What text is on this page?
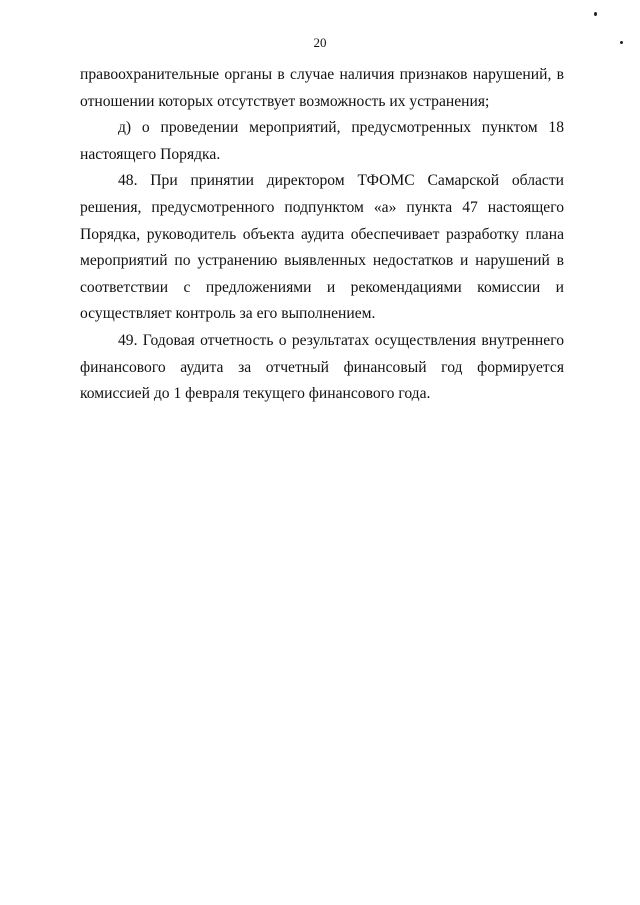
20

правоохранительные органы в случае наличия признаков нарушений, в отношении которых отсутствует возможность их устранения;

д) о проведении мероприятий, предусмотренных пунктом 18 настоящего Порядка.

48. При принятии директором ТФОМС Самарской области решения, предусмотренного подпунктом «а» пункта 47 настоящего Порядка, руководитель объекта аудита обеспечивает разработку плана мероприятий по устранению выявленных недостатков и нарушений в соответствии с предложениями и рекомендациями комиссии и осуществляет контроль за его выполнением.

49. Годовая отчетность о результатах осуществления внутреннего финансового аудита за отчетный финансовый год формируется комиссией до 1 февраля текущего финансового года.
